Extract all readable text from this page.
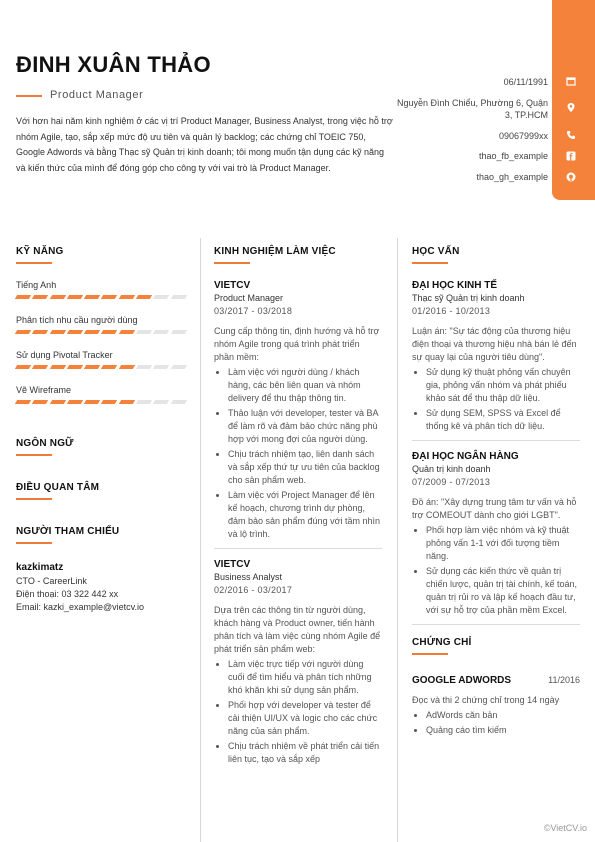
ĐINH XUÂN THẢO
Product Manager
Với hơn hai năm kinh nghiệm ở các vị trí Product Manager, Business Analyst, trong việc hỗ trợ nhóm Agile, tạo, sắp xếp mức độ ưu tiên và quản lý backlog; các chứng chỉ TOEIC 750, Google Adwords và bằng Thạc sỹ Quản trị kinh doanh; tôi mong muốn tận dụng các kỹ năng và kiến thức của mình để đóng góp cho công ty với vai trò là Product Manager.
06/11/1991
Nguyễn Đình Chiểu, Phường 6, Quận 3, TP.HCM
09067999xx
thao_fb_example
thao_gh_example
KỸ NĂNG
Tiếng Anh
Phân tích nhu cầu người dùng
Sử dụng Pivotal Tracker
Vẽ Wireframe
NGÔN NGỮ
ĐIỀU QUAN TÂM
NGƯỜI THAM CHIẾU
kazkimatz
CTO - CareerLink
Điện thoại: 03 322 442 xx
Email: kazki_example@vietcv.io
KINH NGHIỆM LÀM VIỆC
VIETCV
Product Manager
03/2017 - 03/2018
Cung cấp thông tin, định hướng và hỗ trợ nhóm Agile trong quá trình phát triển phần mềm:
• Làm việc với người dùng / khách hàng, các bên liên quan và nhóm delivery để thu thập thông tin.
• Thảo luận với developer, tester và BA để làm rõ và đảm bảo chức năng phù hợp với mong đợi của người dùng.
• Chịu trách nhiệm tạo, liên danh sách và sắp xếp thứ tự ưu tiên của backlog cho sản phẩm web.
• Làm việc với Project Manager để lên kế hoạch, chương trình dự phòng, đảm bảo sản phẩm đúng với tầm nhìn và lộ trình.
VIETCV
Business Analyst
02/2016 - 03/2017
Dựa trên các thông tin từ người dùng, khách hàng và Product owner, tiến hành phân tích và làm việc cùng nhóm Agile để phát triển sản phẩm web:
• Làm việc trực tiếp với người dùng cuối để tìm hiểu và phân tích những khó khăn khi sử dụng sản phẩm.
• Phối hợp với developer và tester để cải thiện UI/UX và logic cho các chức năng của sản phẩm.
• Chịu trách nhiệm về phát triển cải tiến liên tục, tạo và sắp xếp
HỌC VẤN
ĐẠI HỌC KINH TẾ
Thạc sỹ Quản trị kinh doanh
01/2016 - 10/2013
Luận án: "Sự tác động của thương hiệu điện thoại và thương hiệu nhà bán lẻ đến sự quay lại của người tiêu dùng".
• Sử dụng kỹ thuật phỏng vấn chuyên gia, phỏng vấn nhóm và phát phiếu khảo sát để thu thập dữ liệu.
• Sử dụng SEM, SPSS và Excel để thống kê và phân tích dữ liệu.
ĐẠI HỌC NGÂN HÀNG
Quản trị kinh doanh
07/2009 - 07/2013
Đồ án: "Xây dựng trung tâm tư vấn và hỗ trợ COMEOUT dành cho giới LGBT".
• Phối hợp làm việc nhóm và kỹ thuật phỏng vấn 1-1 với đối tượng tiềm năng.
• Sử dụng các kiến thức về quản trị chiến lược, quản trị tài chính, kế toán, quản trị rủi ro và lập kế hoạch đầu tư, với sự hỗ trợ của phần mềm Excel.
CHỨNG CHỈ
GOOGLE ADWORDS	11/2016
Đọc và thi 2 chứng chỉ trong 14 ngày
• AdWords căn bản
• Quảng cáo tìm kiếm
©VietCV.io
